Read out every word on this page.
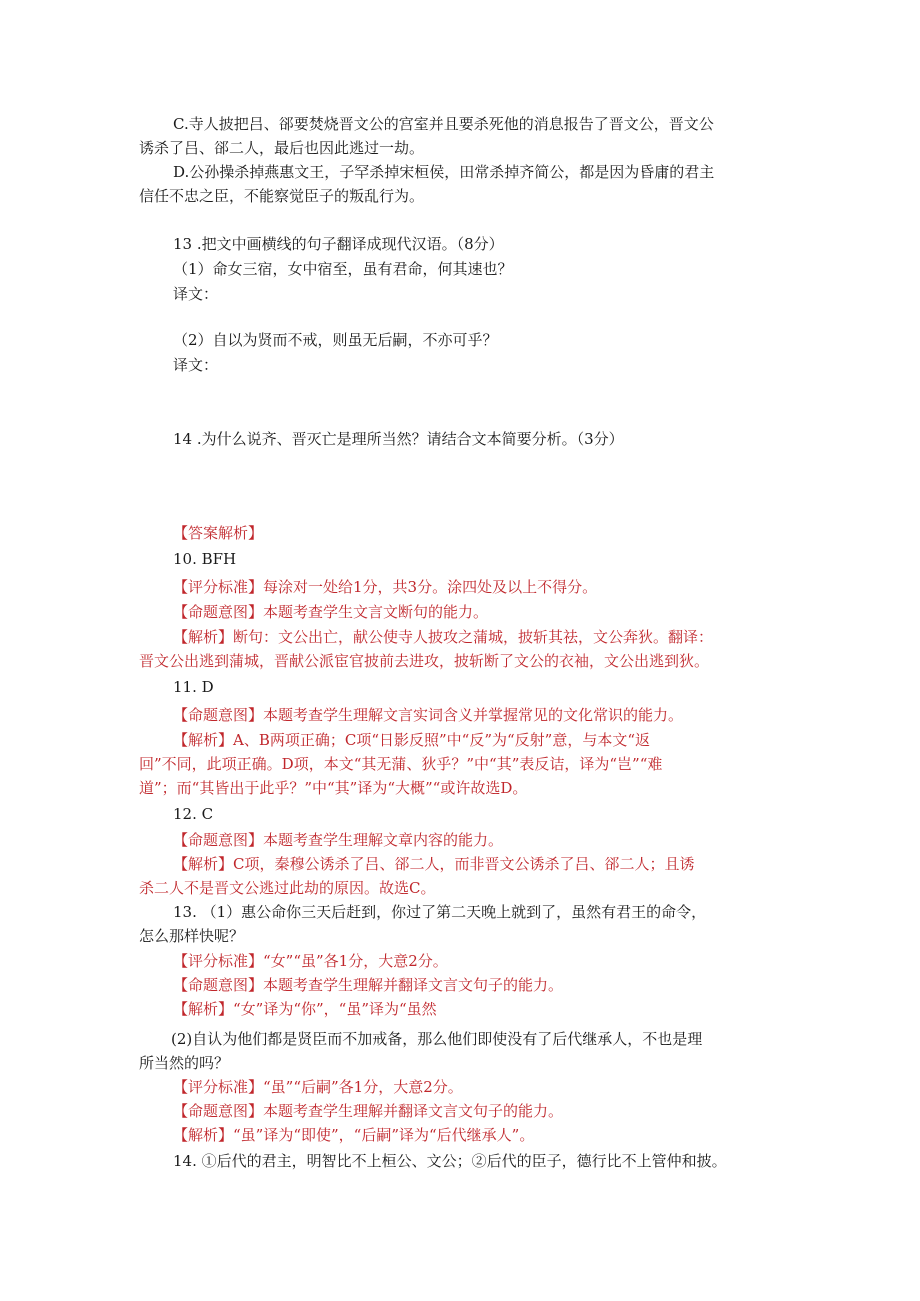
C.寺人披把吕、郤要焚烧晋文公的宫室并且要杀死他的消息报告了晋文公，晋文公
诱杀了吕、郤二人，最后也因此逃过一劫。
D.公孙操杀掉燕惠文王，子罕杀掉宋桓侯，田常杀掉齐简公，都是因为昏庸的君主
信任不忠之臣，不能察觉臣子的叛乱行为。
13 .把文中画横线的句子翻译成现代汉语。（8分）
（1）命女三宿，女中宿至，虽有君命，何其速也？
译文：
（2）自以为贤而不戒，则虽无后嗣，不亦可乎？
译文：
14 .为什么说齐、晋灭亡是理所当然？请结合文本简要分析。（3分）
【答案解析】
10. BFH
【评分标准】每涂对一处给1分，共3分。涂四处及以上不得分。
【命题意图】本题考查学生文言文断句的能力。
【解析】断句：文公出亡，献公使寺人披攻之蒲城，披斩其祛，文公奔狄。翻译：
晋文公出逃到蒲城，晋献公派宦官披前去进攻，披斩断了文公的衣袖，文公出逃到狄。
11. D
【命题意图】本题考查学生理解文言实词含义并掌握常见的文化常识的能力。
【解析】A、B两项正确；C项“日影反照”中“反”为“反射”意，与本文“返
回”不同，此项正确。D项，本文“其无蒲、狄乎？”中“其”表反诘，译为“岂”“难
道”；而“其皆出于此乎？”中“其”译为“大概”“或许故选D。
12. C
【命题意图】本题考查学生理解文章内容的能力。
【解析】C项，秦穆公诱杀了吕、郤二人，而非晋文公诱杀了吕、郤二人；且诱
杀二人不是晋文公逃过此劫的原因。故选C。
13. （1）惠公命你三天后赶到，你过了第二天晚上就到了，虽然有君王的命令，
怎么那样快呢？
【评分标准】“女”“虽”各1分，大意2分。
【命题意图】本题考查学生理解并翻译文言文句子的能力。
【解析】“女”译为“你”，“虽”译为“虽然
(2)自认为他们都是贤臣而不加戒备，那么他们即使没有了后代继承人，不也是理
所当然的吗？
【评分标准】“虽”“后嗣”各1分，大意2分。
【命题意图】本题考查学生理解并翻译文言文句子的能力。
【解析】“虽”译为“即使”，“后嗣”译为“后代继承人”。
14. ①后代的君主，明智比不上桓公、文公；②后代的臣子，德行比不上管仲和披。
